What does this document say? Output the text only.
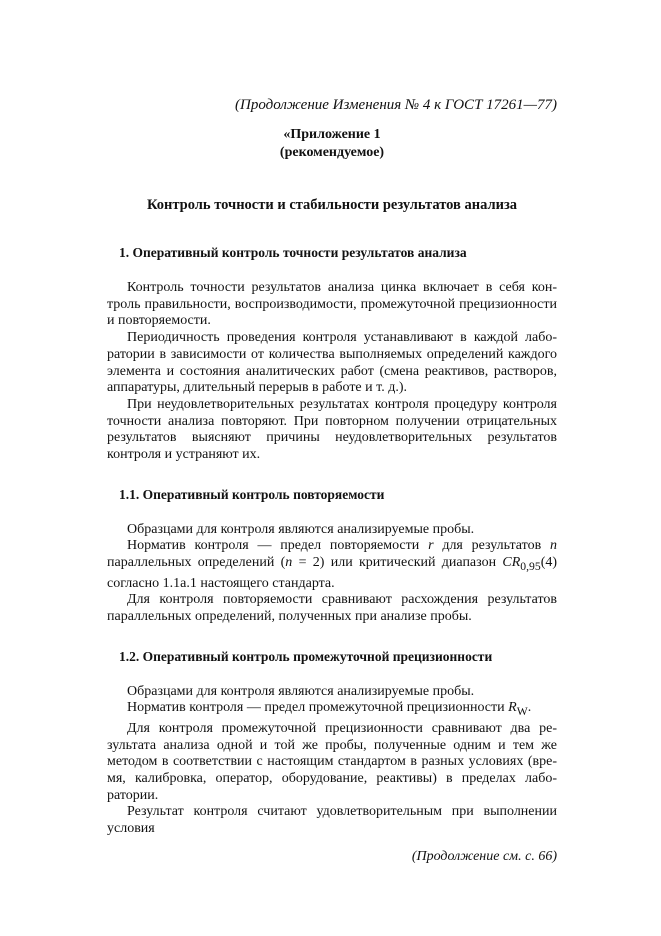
(Продолжение Изменения № 4 к ГОСТ 17261—77)

«Приложение 1
(рекомендуемое)

Контроль точности и стабильности результатов анализа

1. Оперативный контроль точности результатов анализа

Контроль точности результатов анализа цинка включает в себя контроль правильности, воспроизводимости, промежуточной прецизионности и повторяемости.

Периодичность проведения контроля устанавливают в каждой лаборатории в зависимости от количества выполняемых определений каждого элемента и состояния аналитических работ (смена реактивов, растворов, аппаратуры, длительный перерыв в работе и т. д.).

При неудовлетворительных результатах контроля процедуру контроля точности анализа повторяют. При повторном получении отрицательных результатов выясняют причины неудовлетворительных результатов контроля и устраняют их.

1.1. Оперативный контроль повторяемости

Образцами для контроля являются анализируемые пробы.

Норматив контроля — предел повторяемости r для результатов n параллельных определений (n = 2) или критический диапазон $CR_{0,95}(4)$ согласно 1.1а.1 настоящего стандарта.

Для контроля повторяемости сравнивают расхождения результатов параллельных определений, полученных при анализе пробы.

1.2. Оперативный контроль промежуточной прецизионности

Образцами для контроля являются анализируемые пробы.

Норматив контроля — предел промежуточной прецизионности $R_W$.

Для контроля промежуточной прецизионности сравнивают два результата анализа одной и той же пробы, полученные одним и тем же методом в соответствии с настоящим стандартом в разных условиях (время, калибровка, оператор, оборудование, реактивы) в пределах лаборатории.

Результат контроля считают удовлетворительным при выполнении условия

(Продолжение см. с. 66)
